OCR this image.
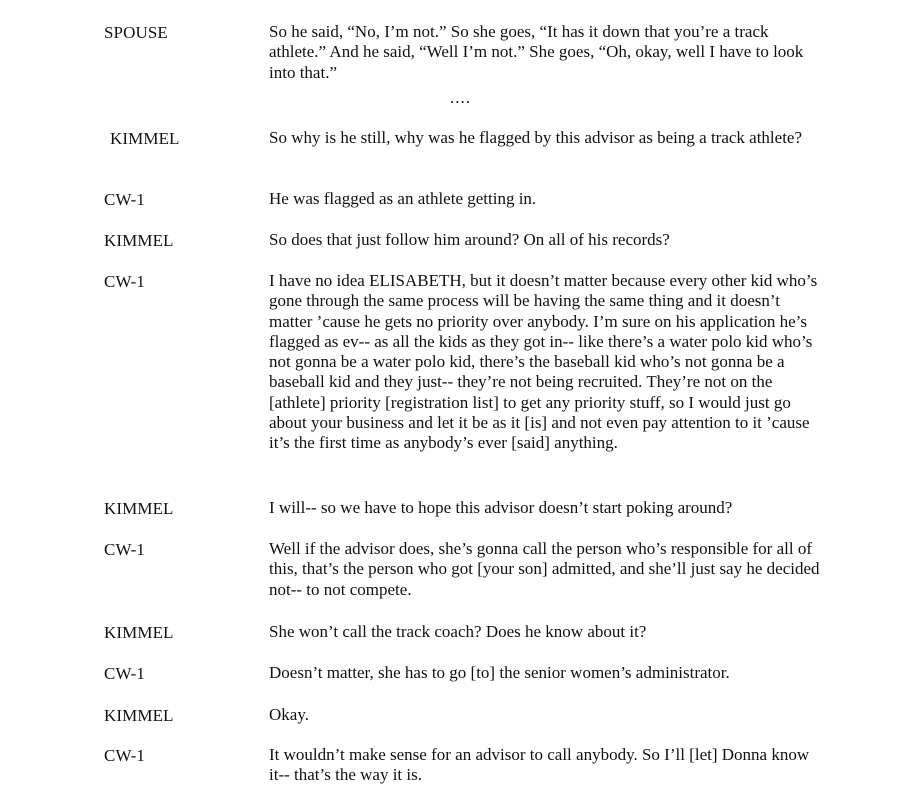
SPOUSE	So he said, “No, I’m not.” So she goes, “It has it down that you’re a track athlete.” And he said, “Well I’m not.” She goes, “Oh, okay, well I have to look into that.”
....
KIMMEL	So why is he still, why was he flagged by this advisor as being a track athlete?
CW-1	He was flagged as an athlete getting in.
KIMMEL	So does that just follow him around? On all of his records?
CW-1	I have no idea ELISABETH, but it doesn’t matter because every other kid who’s gone through the same process will be having the same thing and it doesn’t matter ’cause he gets no priority over anybody. I’m sure on his application he’s flagged as ev-- as all the kids as they got in-- like there’s a water polo kid who’s not gonna be a water polo kid, there’s the baseball kid who’s not gonna be a baseball kid and they just-- they’re not being recruited. They’re not on the [athlete] priority [registration list] to get any priority stuff, so I would just go about your business and let it be as it [is] and not even pay attention to it ’cause it’s the first time as anybody’s ever [said] anything.
KIMMEL	I will-- so we have to hope this advisor doesn’t start poking around?
CW-1	Well if the advisor does, she’s gonna call the person who’s responsible for all of this, that’s the person who got [your son] admitted, and she’ll just say he decided not-- to not compete.
KIMMEL	She won’t call the track coach? Does he know about it?
CW-1	Doesn’t matter, she has to go [to] the senior women’s administrator.
KIMMEL	Okay.
CW-1	It wouldn’t make sense for an advisor to call anybody. So I’ll [let] Donna know it-- that’s the way it is.
